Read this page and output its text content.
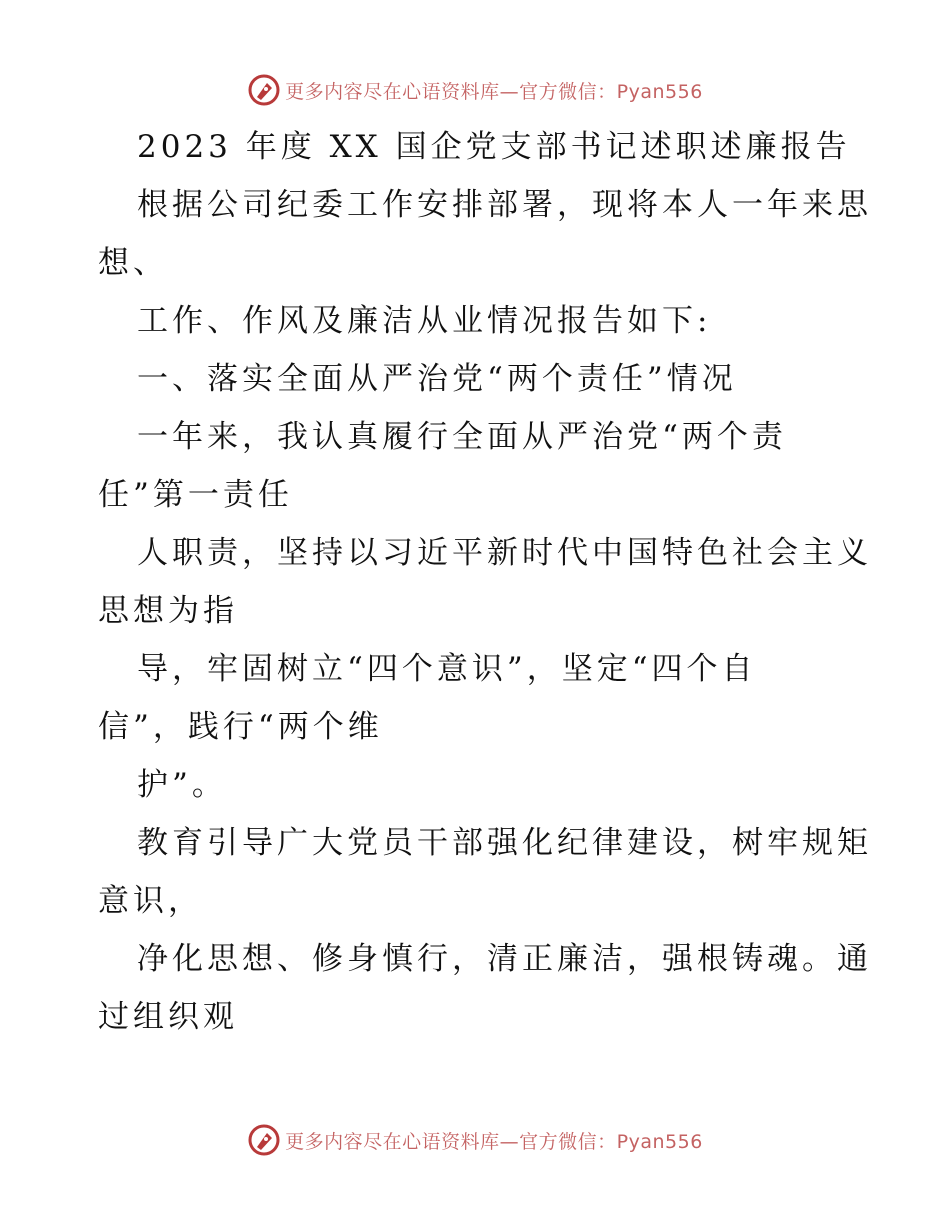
更多内容尽在心语资料库—官方微信：Pyan556
2023 年度 XX 国企党支部书记述职述廉报告
根据公司纪委工作安排部署，现将本人一年来思
想、
工作、作风及廉洁从业情况报告如下:
一、落实全面从严治党“两个责任”情况
一年来，我认真履行全面从严治党“两个责
任”第一责任
人职责，坚持以习近平新时代中国特色社会主义
思想为指
导，牢固树立“四个意识”，坚定“四个自
信”，践行“两个维
护”。
教育引导广大党员干部强化纪律建设，树牢规矩
意识，
净化思想、修身慎行，清正廉洁，强根铸魂。通
过组织观
更多内容尽在心语资料库—官方微信：Pyan556
